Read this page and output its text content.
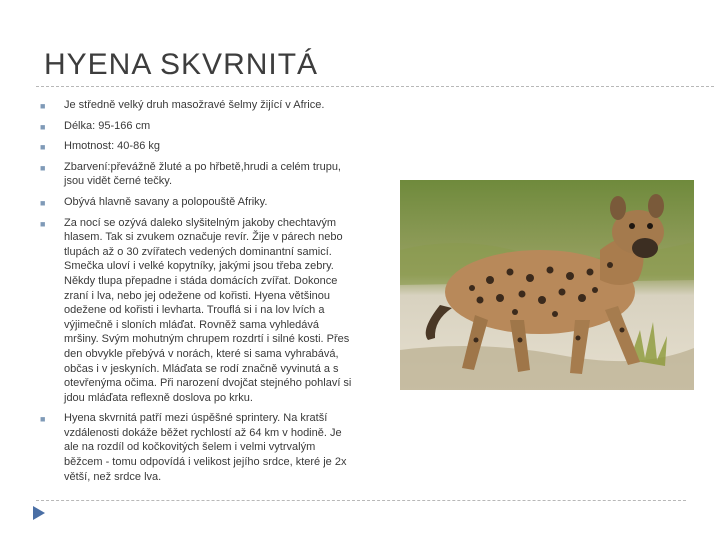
HYENA SKVRNITÁ
■	Je středně velký druh masožravé šelmy žijící v Africe.
■	Délka: 95-166 cm
■	Hmotnost: 40-86 kg
■	Zbarvení:převážně žluté a po hřbetě,hrudi a celém trupu, jsou vidět černé tečky.
■	Obývá hlavně savany a polopouště Afriky.
■	Za nocí se ozývá daleko slyšitelným jakoby chechtavým hlasem. Tak si zvukem označuje revír. Žije v párech nebo tlupách až o 30 zvířatech vedených dominantní samicí. Smečka uloví i velké kopytníky, jakými jsou třeba zebry. Někdy tlupa přepadne i stáda domácích zvířat. Dokonce zraní i lva, nebo jej odežene od kořisti. Hyena většinou odežene od kořisti i levharta. Trouflá si i na lov lvích a výjimečně i sloních mláďat. Rovněž sama vyhledává mršiny. Svým mohutným chrupem rozdrtí i silné kosti. Přes den obvykle přebývá v norách, které si sama vyhrabává, občas i v jeskyních. Mláďata se rodí značně vyvinutá a s otevřenýma očima. Při narození dvojčat stejného pohlaví si jdou mláďata reflexně doslova po krku.
■	Hyena skvrnitá patří mezi úspěšné sprintery. Na kratší vzdálenosti dokáže běžet rychlostí až 64 km v hodině. Je ale na rozdíl od kočkovitých šelem i velmi vytrvalým běžcem - tomu odpovídá i velikost jejího srdce, které je 2x větší, než srdce lva.
